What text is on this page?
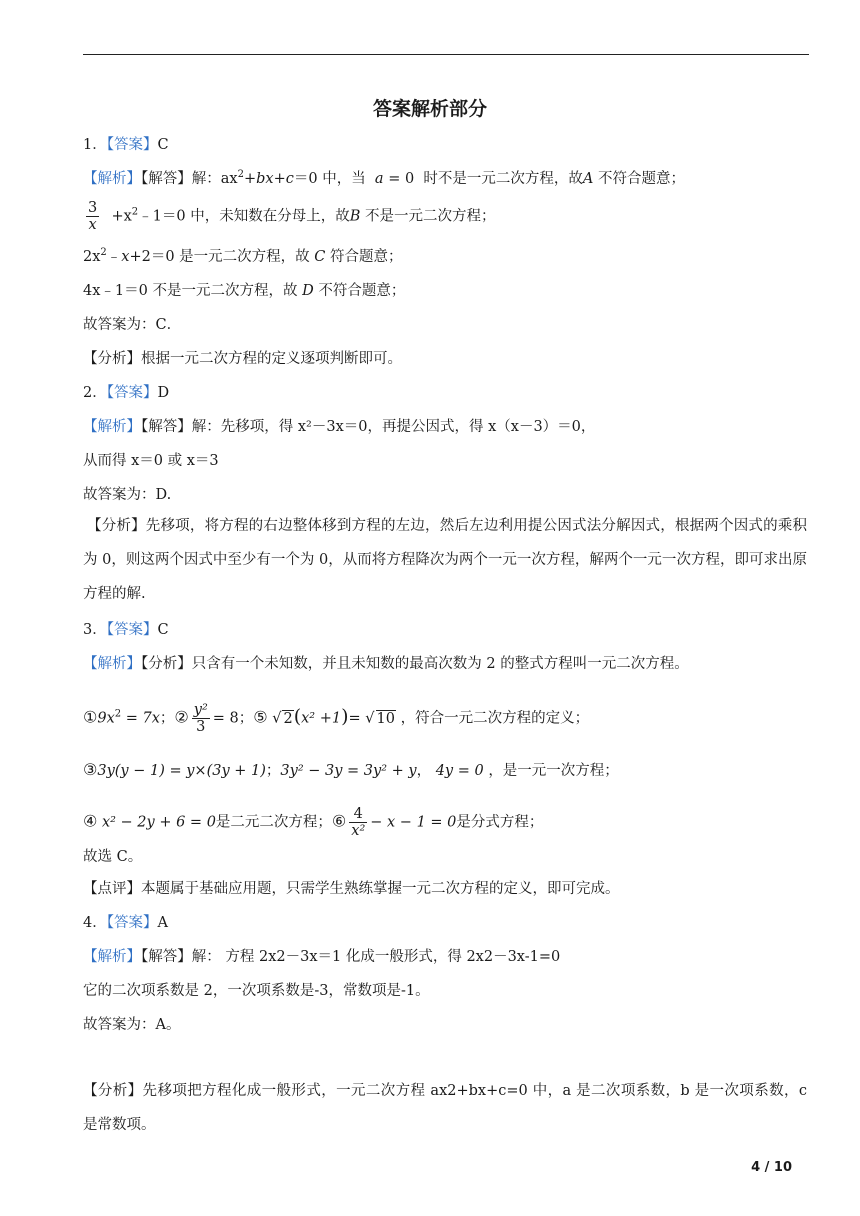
答案解析部分
1．【答案】C
【解析】【解答】解：$ax^2+bx+c=0$ 中，当 a = 0 时不是一元二次方程，故A 不符合题意；
$\frac{3}{x}$ $+x^2﹣1=0$ 中，未知数在分母上，故B 不是一元二次方程；
$2x^2﹣x+2=0$ 是一元二次方程，故 C 符合题意；
4x﹣1＝0 不是一元二次方程，故 D 不符合题意；
故答案为：C．
【分析】根据一元二次方程的定义逐项判断即可。
2．【答案】D
【解析】【解答】解：先移项，得 x²－3x＝0，再提公因式，得 x（x－3）＝0，
从而得 x＝0 或 x＝3
故答案为：D.
【分析】先移项，将方程的右边整体移到方程的左边，然后左边利用提公因式法分解因式，根据两个因式的乘积为 0，则这两个因式中至少有一个为 0，从而将方程降次为两个一元一次方程，解两个一元一次方程，即可求出原方程的解.
3．【答案】C
【解析】【分析】只含有一个未知数，并且未知数的最高次数为 2 的整式方程叫一元二次方程。
$①9x^2 = 7x$；② $\frac{\text{y²}}{3} = 8$；⑤ √ 2(x² +1)= √ 10 ，符合一元二次方程的定义；
③3y(y − 1) = y×(3y + 1)；3y² − 3y = 3y² + y， 4y = 0 ，是一元一次方程；
④ x² − 2y + 6 = 0是二元二次方程；⑥ $\frac{4}{\text{x²}} - x - 1 = 0$是分式方程；
故选 C。
【点评】本题属于基础应用题，只需学生熟练掌握一元二次方程的定义，即可完成。
4．【答案】A
【解析】【解答】解： 方程 2x2－3x＝1 化成一般形式，得 2x2－3x-1=0
它的二次项系数是 2，一次项系数是-3，常数项是-1。
故答案为：A。
【分析】先移项把方程化成一般形式，一元二次方程 ax2+bx+c=0 中，a 是二次项系数，b 是一次项系数，c 是常数项。
4 / 10
